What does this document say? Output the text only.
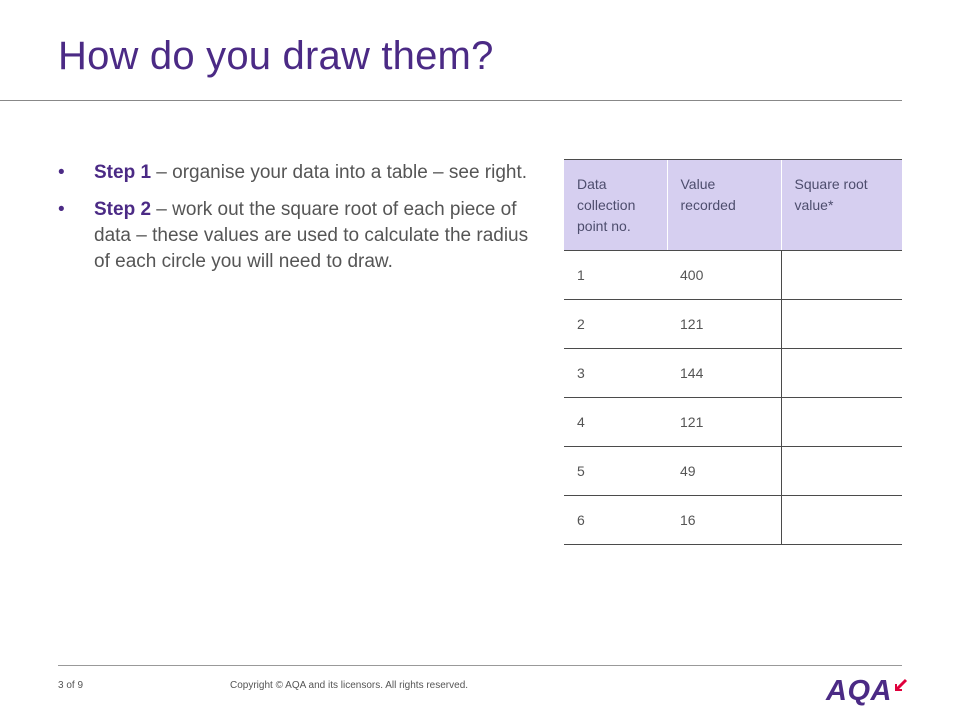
How do you draw them?
• Step 1 – organise your data into a table – see right.
• Step 2 – work out the square root of each piece of data – these values are used to calculate the radius of each circle you will need to draw.
Data collection point no.	Value recorded	Square root value*
1	400	
2	121	
3	144	
4	121	
5	49	
6	16	
3 of 9	Copyright © AQA and its licensors. All rights reserved.	AQA
